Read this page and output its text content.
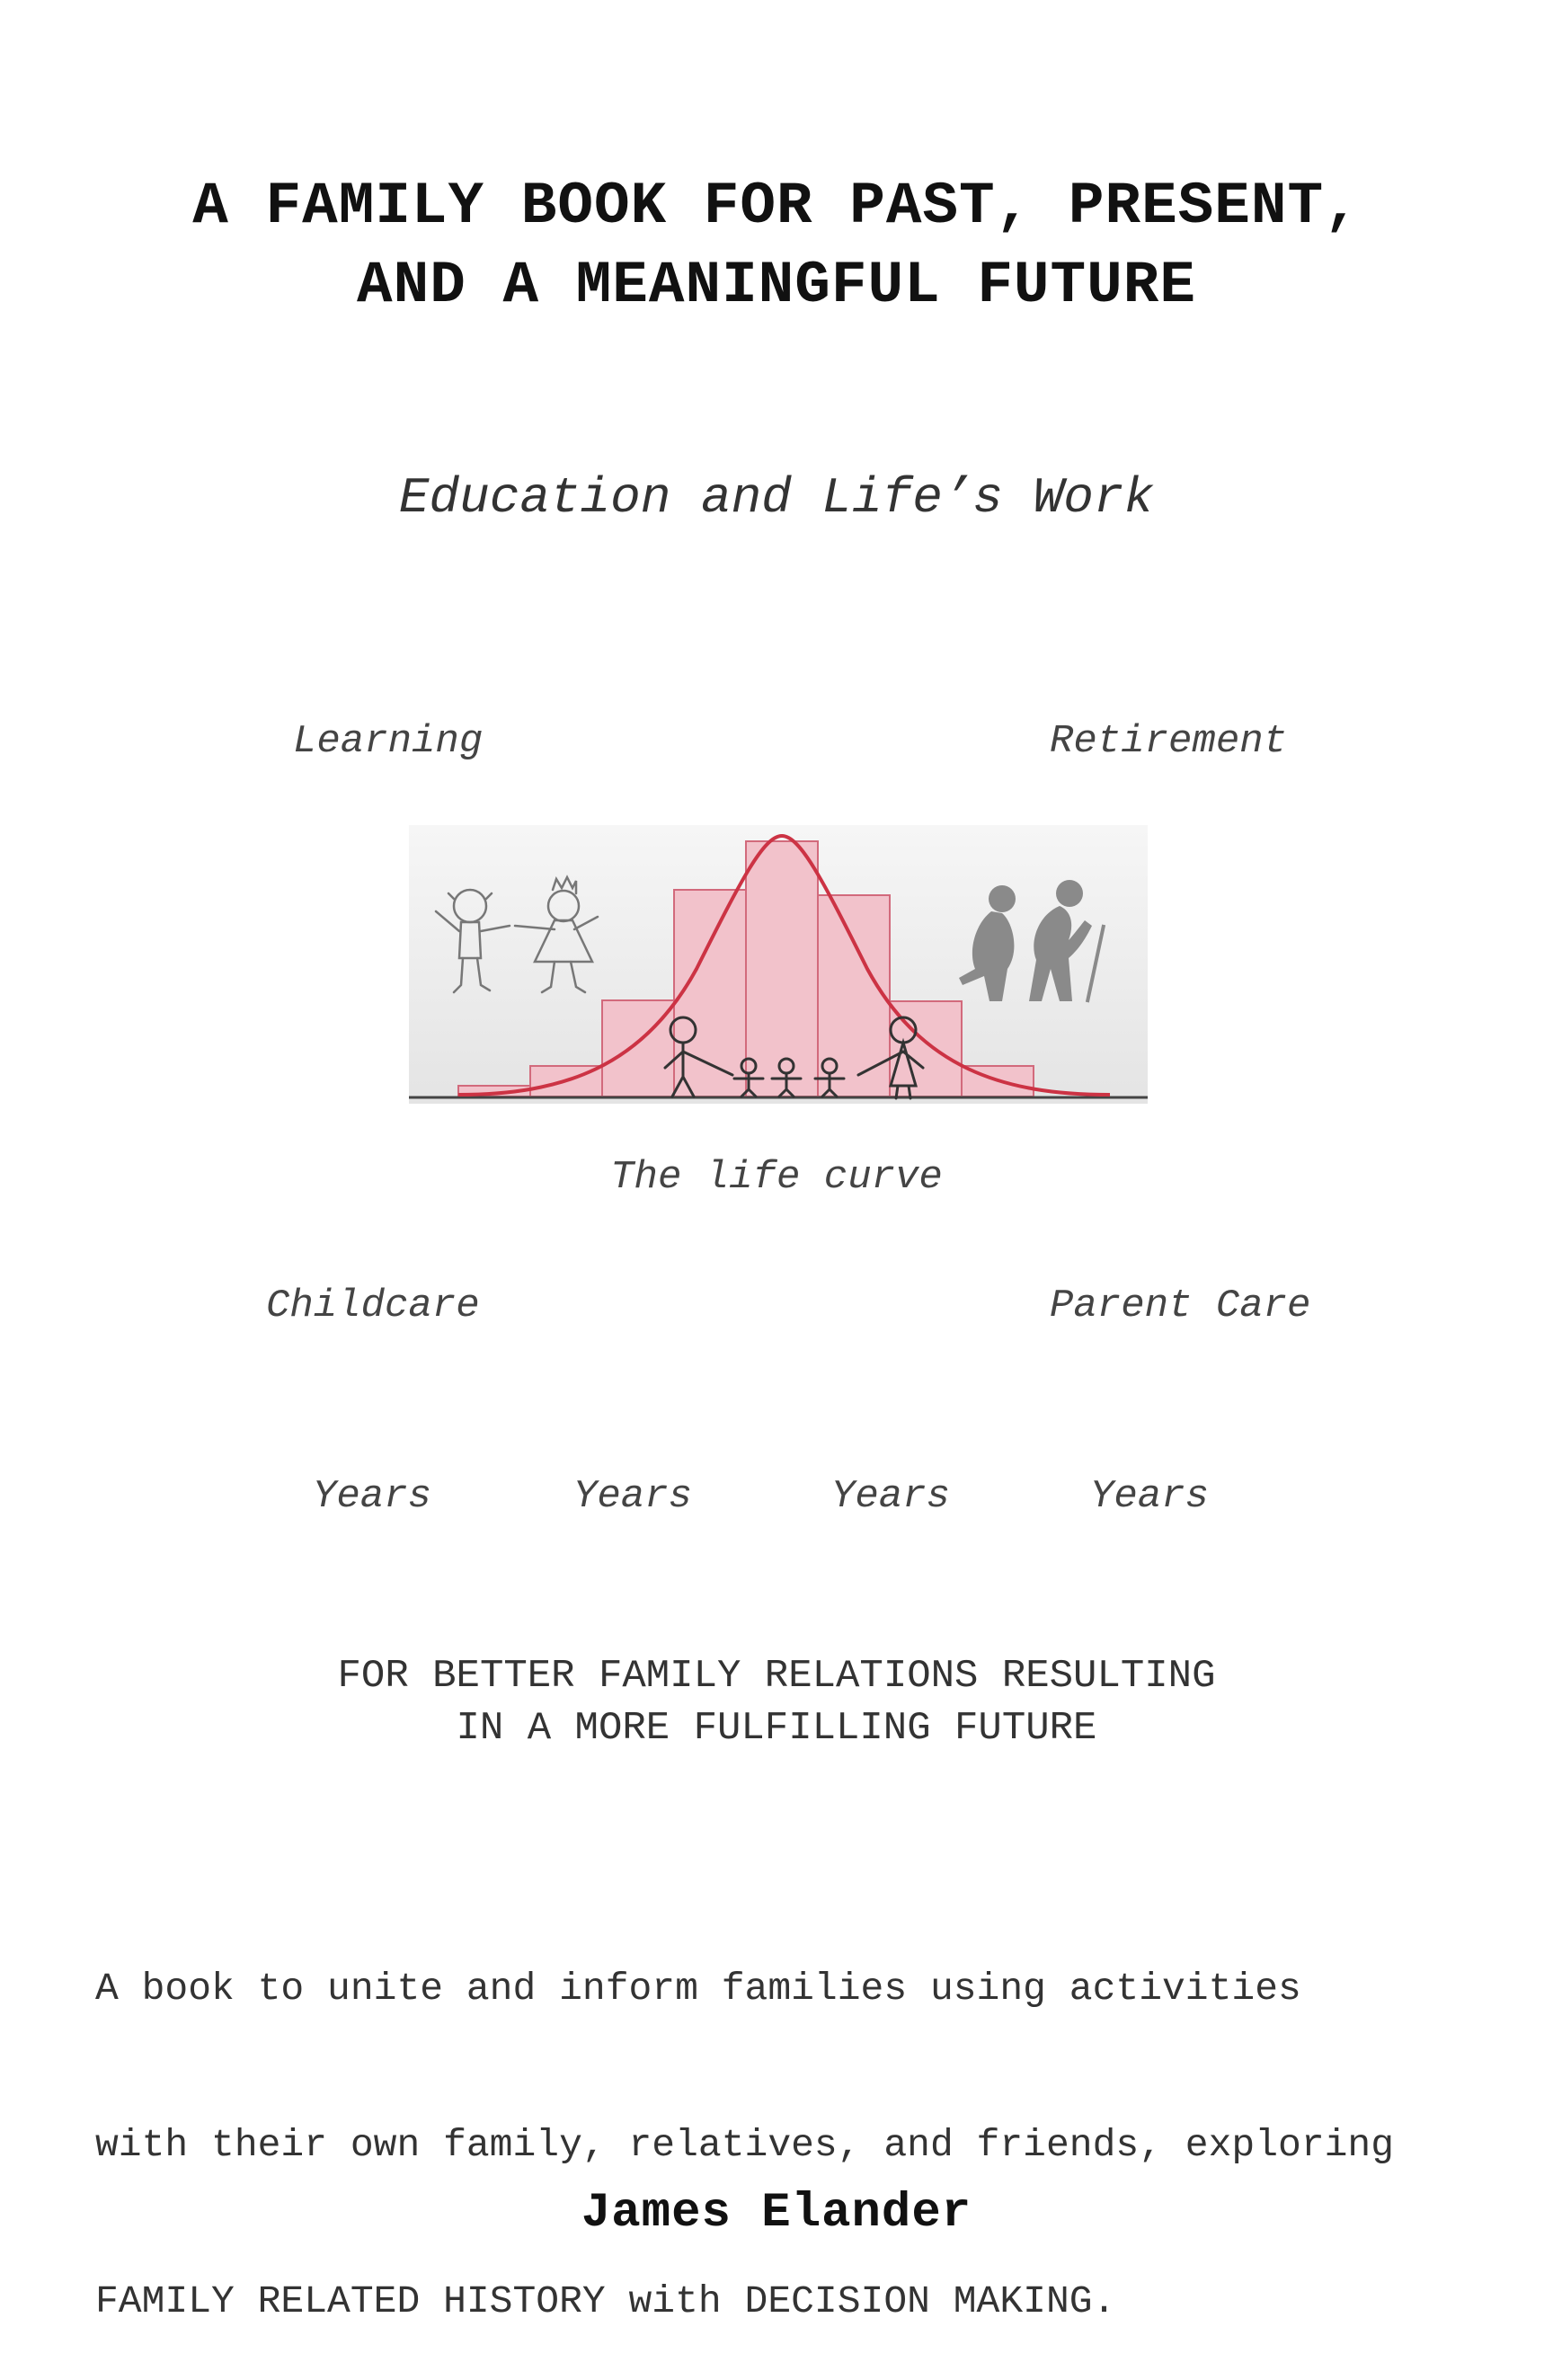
A FAMILY BOOK FOR PAST, PRESENT,
AND A MEANINGFUL FUTURE
Education and Life’s Work
Learning	Retirement
The life curve
Childcare	Parent Care
Years	Years	Years	Years
FOR BETTER FAMILY RELATIONS RESULTING
IN A MORE FULFILLING FUTURE

A book to unite and inform families using activities

with their own family, relatives, and friends, exploring

FAMILY RELATED HISTORY with DECISION MAKING.

James Elander
